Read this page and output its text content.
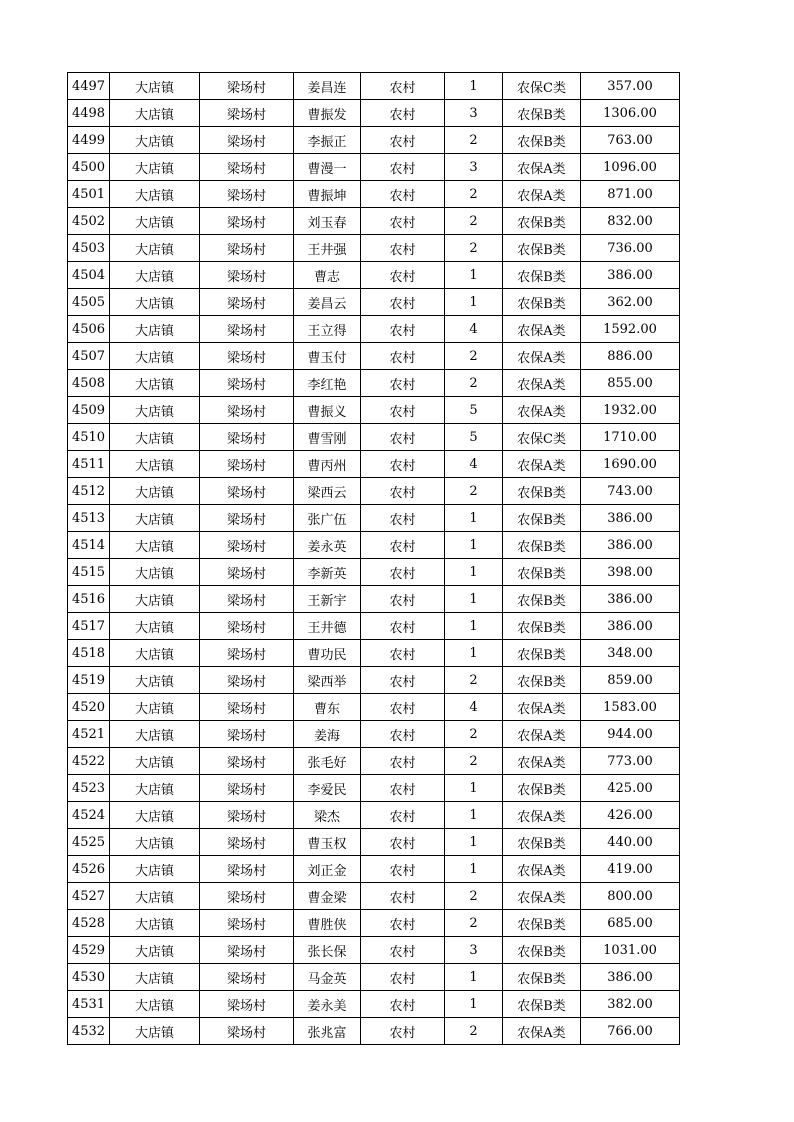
4497	大店镇	梁场村	姜昌连	农村	1	农保C类	357.00
4498	大店镇	梁场村	曹振发	农村	3	农保B类	1306.00
4499	大店镇	梁场村	李振正	农村	2	农保B类	763.00
4500	大店镇	梁场村	曹漫一	农村	3	农保A类	1096.00
4501	大店镇	梁场村	曹振坤	农村	2	农保A类	871.00
4502	大店镇	梁场村	刘玉春	农村	2	农保B类	832.00
4503	大店镇	梁场村	王井强	农村	2	农保B类	736.00
4504	大店镇	梁场村	曹志	农村	1	农保B类	386.00
4505	大店镇	梁场村	姜昌云	农村	1	农保B类	362.00
4506	大店镇	梁场村	王立得	农村	4	农保A类	1592.00
4507	大店镇	梁场村	曹玉付	农村	2	农保A类	886.00
4508	大店镇	梁场村	李红艳	农村	2	农保A类	855.00
4509	大店镇	梁场村	曹振义	农村	5	农保A类	1932.00
4510	大店镇	梁场村	曹雪刚	农村	5	农保C类	1710.00
4511	大店镇	梁场村	曹丙州	农村	4	农保A类	1690.00
4512	大店镇	梁场村	梁西云	农村	2	农保B类	743.00
4513	大店镇	梁场村	张广伍	农村	1	农保B类	386.00
4514	大店镇	梁场村	姜永英	农村	1	农保B类	386.00
4515	大店镇	梁场村	李新英	农村	1	农保B类	398.00
4516	大店镇	梁场村	王新宇	农村	1	农保B类	386.00
4517	大店镇	梁场村	王井德	农村	1	农保B类	386.00
4518	大店镇	梁场村	曹功民	农村	1	农保B类	348.00
4519	大店镇	梁场村	梁西举	农村	2	农保B类	859.00
4520	大店镇	梁场村	曹东	农村	4	农保A类	1583.00
4521	大店镇	梁场村	姜海	农村	2	农保A类	944.00
4522	大店镇	梁场村	张毛好	农村	2	农保A类	773.00
4523	大店镇	梁场村	李爱民	农村	1	农保B类	425.00
4524	大店镇	梁场村	梁杰	农村	1	农保A类	426.00
4525	大店镇	梁场村	曹玉权	农村	1	农保B类	440.00
4526	大店镇	梁场村	刘正金	农村	1	农保A类	419.00
4527	大店镇	梁场村	曹金梁	农村	2	农保A类	800.00
4528	大店镇	梁场村	曹胜侠	农村	2	农保B类	685.00
4529	大店镇	梁场村	张长保	农村	3	农保B类	1031.00
4530	大店镇	梁场村	马金英	农村	1	农保B类	386.00
4531	大店镇	梁场村	姜永美	农村	1	农保B类	382.00
4532	大店镇	梁场村	张兆富	农村	2	农保A类	766.00
